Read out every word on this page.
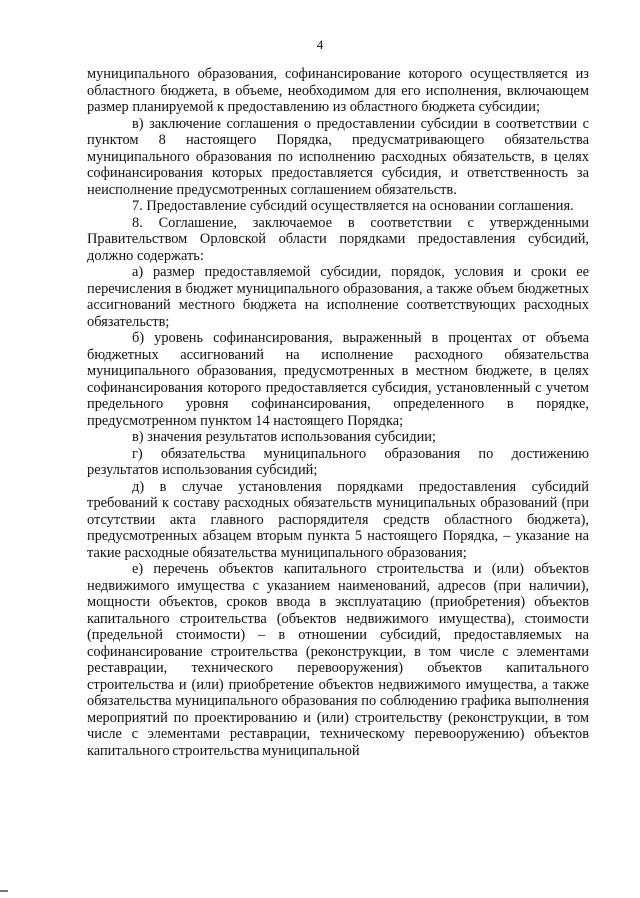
4

муниципального образования, софинансирование которого осуществляется из областного бюджета, в объеме, необходимом для его исполнения, включающем размер планируемой к предоставлению из областного бюджета субсидии;

в) заключение соглашения о предоставлении субсидии в соответствии с пунктом 8 настоящего Порядка, предусматривающего обязательства муниципального образования по исполнению расходных обязательств, в целях софинансирования которых предоставляется субсидия, и ответственность за неисполнение предусмотренных соглашением обязательств.

7. Предоставление субсидий осуществляется на основании соглашения.

8. Соглашение, заключаемое в соответствии с утвержденными Правительством Орловской области порядками предоставления субсидий, должно содержать:

а) размер предоставляемой субсидии, порядок, условия и сроки ее перечисления в бюджет муниципального образования, а также объем бюджетных ассигнований местного бюджета на исполнение соответствующих расходных обязательств;

б) уровень софинансирования, выраженный в процентах от объема бюджетных ассигнований на исполнение расходного обязательства муниципального образования, предусмотренных в местном бюджете, в целях софинансирования которого предоставляется субсидия, установленный с учетом предельного уровня софинансирования, определенного в порядке, предусмотренном пунктом 14 настоящего Порядка;

в) значения результатов использования субсидии;

г) обязательства муниципального образования по достижению результатов использования субсидий;

д) в случае установления порядками предоставления субсидий требований к составу расходных обязательств муниципальных образований (при отсутствии акта главного распорядителя средств областного бюджета), предусмотренных абзацем вторым пункта 5 настоящего Порядка, – указание на такие расходные обязательства муниципального образования;

е) перечень объектов капитального строительства и (или) объектов недвижимого имущества с указанием наименований, адресов (при наличии), мощности объектов, сроков ввода в эксплуатацию (приобретения) объектов капитального строительства (объектов недвижимого имущества), стоимости (предельной стоимости) – в отношении субсидий, предоставляемых на софинансирование строительства (реконструкции, в том числе с элементами реставрации, технического перевооружения) объектов капитального строительства и (или) приобретение объектов недвижимого имущества, а также обязательства муниципального образования по соблюдению графика выполнения мероприятий по проектированию и (или) строительству (реконструкции, в том числе с элементами реставрации, техническому перевооружению) объектов капитального строительства муниципальной
